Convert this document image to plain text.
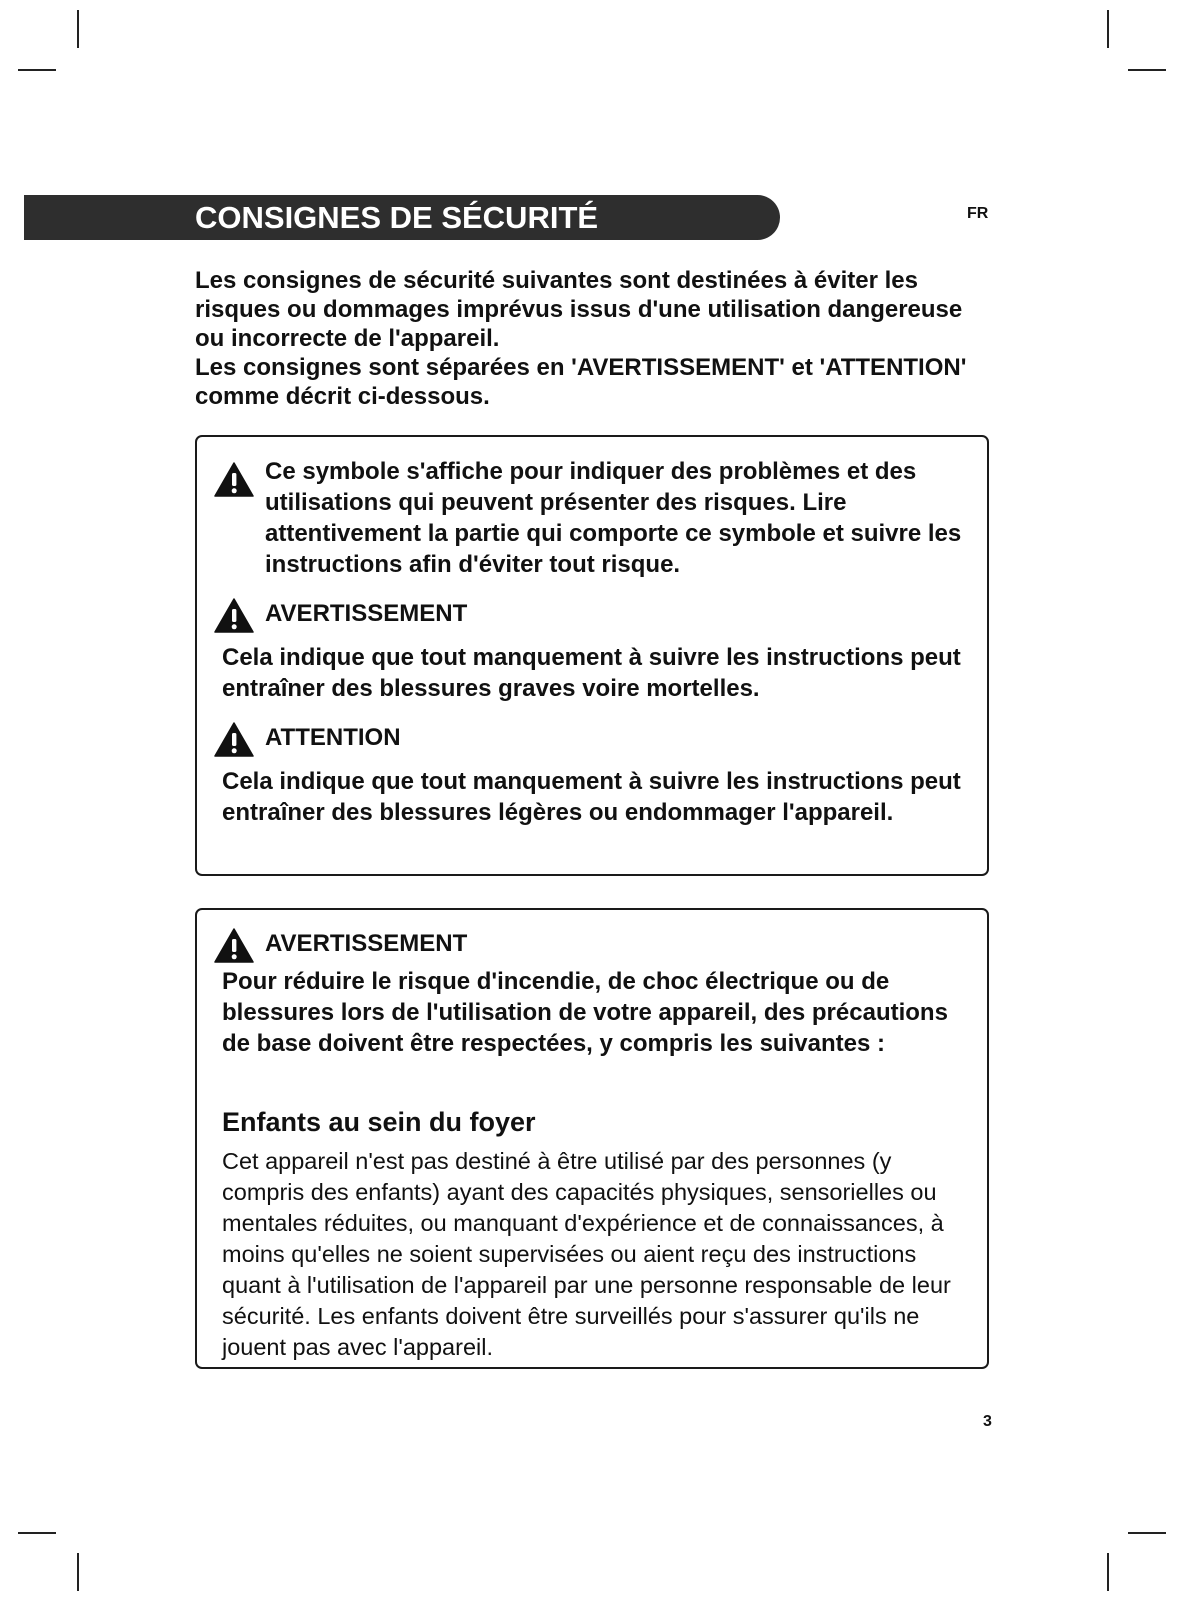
CONSIGNES DE SÉCURITÉ	FR

Les consignes de sécurité suivantes sont destinées à éviter les risques ou dommages imprévus issus d'une utilisation dangereuse ou incorrecte de l'appareil.

Les consignes sont séparées en 'AVERTISSEMENT' et 'ATTENTION' comme décrit ci-dessous.

Ce symbole s'affiche pour indiquer des problèmes et des utilisations qui peuvent présenter des risques. Lire attentivement la partie qui comporte ce symbole et suivre les instructions afin d'éviter tout risque.
AVERTISSEMENT
Cela indique que tout manquement à suivre les instructions peut entraîner des blessures graves voire mortelles.
ATTENTION
Cela indique que tout manquement à suivre les instructions peut entraîner des blessures légères ou endommager l'appareil.
AVERTISSEMENT
Pour réduire le risque d'incendie, de choc électrique ou de blessures lors de l'utilisation de votre appareil, des précautions de base doivent être respectées, y compris les suivantes :
Enfants au sein du foyer
Cet appareil n'est pas destiné à être utilisé par des personnes (y compris des enfants) ayant des capacités physiques, sensorielles ou mentales réduites, ou manquant d'expérience et de connaissances, à moins qu'elles ne soient supervisées ou aient reçu des instructions quant à l'utilisation de l'appareil par une personne responsable de leur sécurité. Les enfants doivent être surveillés pour s'assurer qu'ils ne jouent pas avec l'appareil.
3
